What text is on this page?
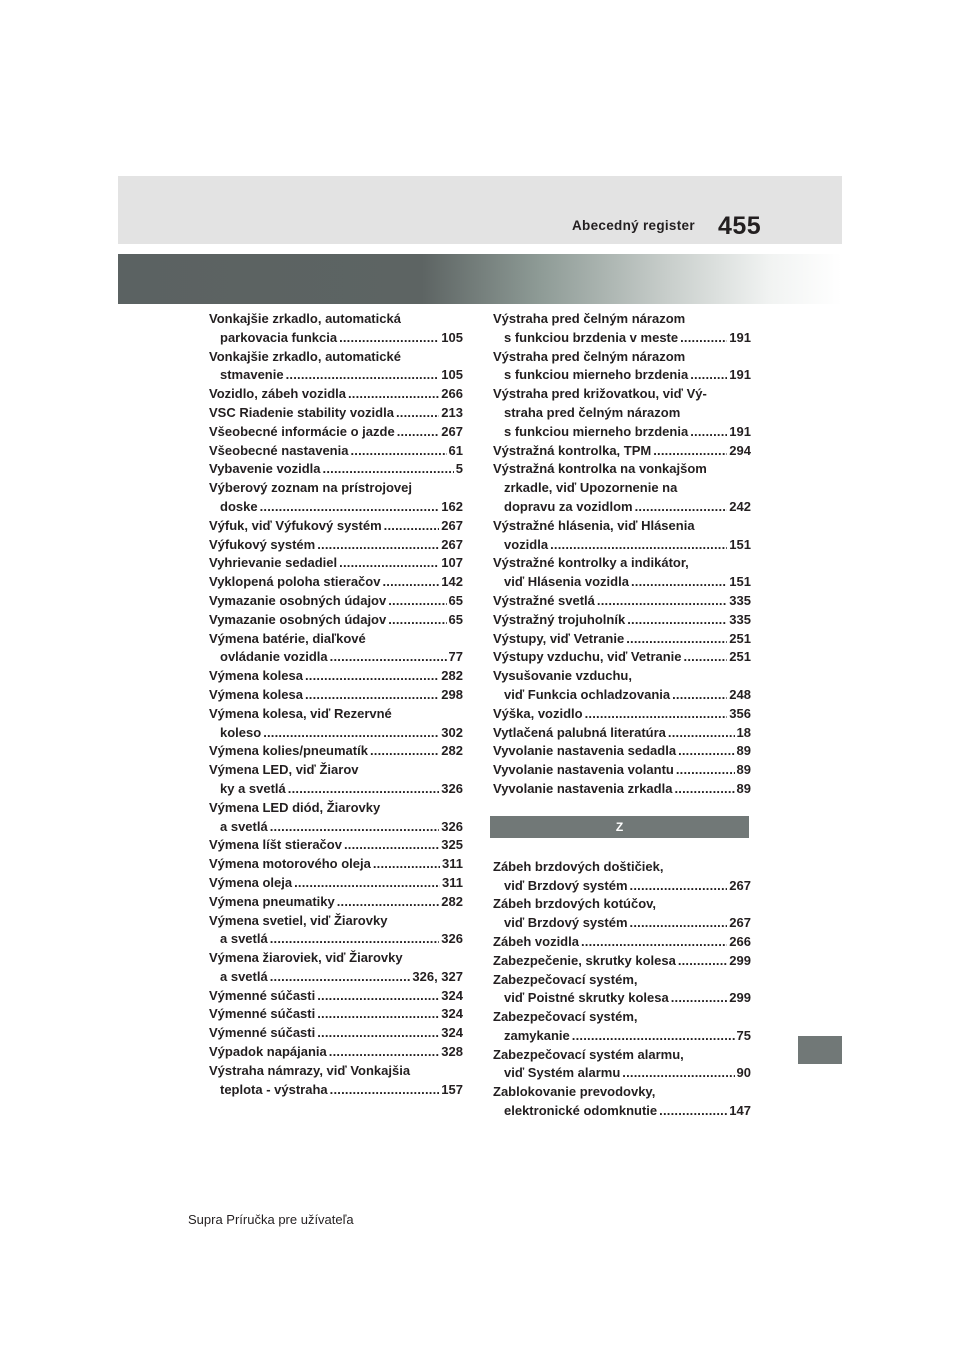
Abecedný register 455
Vonkajšie zrkadlo, automatická
parkovacia funkcia .....	105
Vonkajšie zrkadlo, automatické
stmavenie .....	105
Vozidlo, zábeh vozidla .....	266
VSC Riadenie stability vozidla .....	213
Všeobecné informácie o jazde .....	267
Všeobecné nastavenia .....	61
Vybavenie vozidla .....	5
Výberový zoznam na prístrojovej
doske .....	162
Výfuk, viď Výfukový systém .....	267
Výfukový systém .....	267
Vyhrievanie sedadiel .....	107
Vyklopená poloha stieračov .....	142
Vymazanie osobných údajov .....	65
Vymazanie osobných údajov .....	65
Výmena batérie, diaľkové
ovládanie vozidla .....	77
Výmena kolesa .....	282
Výmena kolesa .....	298
Výmena kolesa, viď Rezervné
koleso .....	302
Výmena kolies/pneumatík .....	282
Výmena LED, viď Žiarov
ky a svetlá .....	326
Výmena LED diód, Žiarovky
a svetlá .....	326
Výmena líšt stieračov .....	325
Výmena motorového oleja .....	311
Výmena oleja .....	311
Výmena pneumatiky .....	282
Výmena svetiel, viď Žiarovky
a svetlá .....	326
Výmena žiaroviek, viď Žiarovky
a svetlá .....	326, 327
Výmenné súčasti .....	324
Výmenné súčasti .....	324
Výmenné súčasti .....	324
Výpadok napájania .....	328
Výstraha námrazy, viď Vonkajšia
teplota - výstraha .....	157
Výstraha pred čelným nárazom
s funkciou brzdenia v meste .....	191
Výstraha pred čelným nárazom
s funkciou mierneho brzdenia .....	191
Výstraha pred križovatkou, viď Vý-
straha pred čelným nárazom
s funkciou mierneho brzdenia .....	191
Výstražná kontrolka, TPM .....	294
Výstražná kontrolka na vonkajšom
zrkadle, viď Upozornenie na
dopravu za vozidlom .....	242
Výstražné hlásenia, viď Hlásenia
vozidla .....	151
Výstražné kontrolky a indikátor,
viď Hlásenia vozidla .....	151
Výstražné svetlá .....	335
Výstražný trojuholník .....	335
Výstupy, viď Vetranie .....	251
Výstupy vzduchu, viď Vetranie .....	251
Vysušovanie vzduchu,
viď Funkcia ochladzovania .....	248
Výška, vozidlo .....	356
Vytlačená palubná literatúra .....	18
Vyvolanie nastavenia sedadla .....	89
Vyvolanie nastavenia volantu .....	89
Vyvolanie nastavenia zrkadla .....	89
Z
Zábeh brzdových doštičiek,
viď Brzdový systém .....	267
Zábeh brzdových kotúčov,
viď Brzdový systém .....	267
Zábeh vozidla .....	266
Zabezpečenie, skrutky kolesa .....	299
Zabezpečovací systém,
viď Poistné skrutky kolesa .....	299
Zabezpečovací systém,
zamykanie .....	75
Zabezpečovací systém alarmu,
viď Systém alarmu .....	90
Zablokovanie prevodovky,
elektronické odomknutie .....	147
Supra Príručka pre užívateľa
